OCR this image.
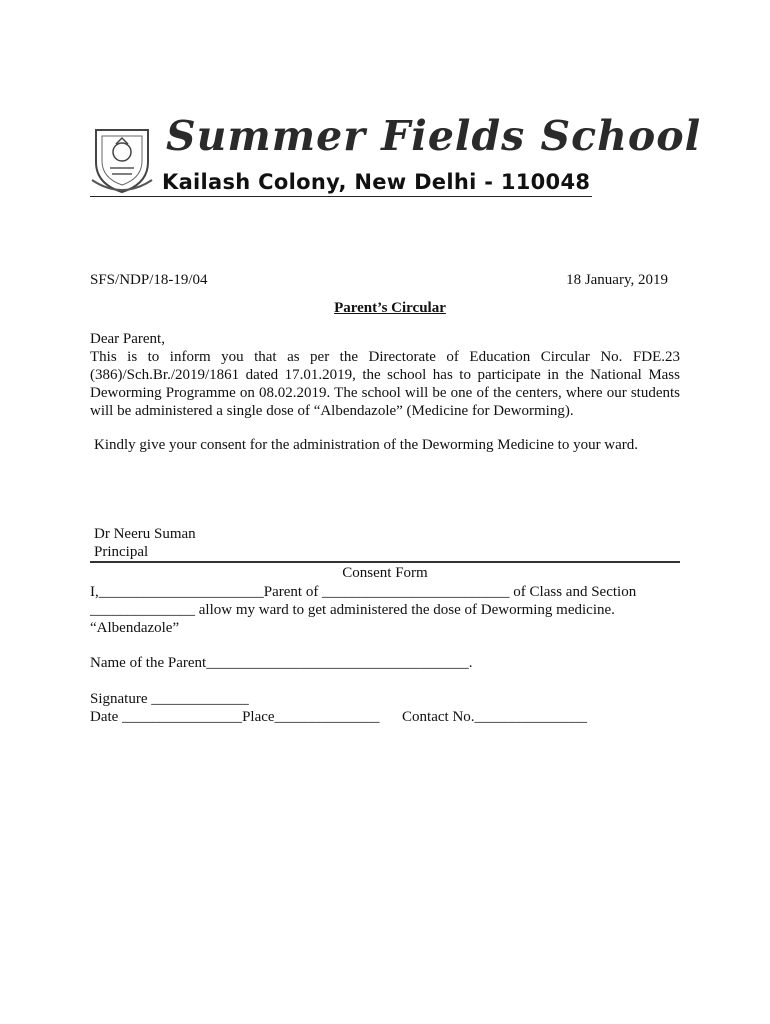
Summer Fields School
Kailash Colony, New Delhi - 110048
SFS/NDP/18-19/04	18 January, 2019
Parent’s Circular
Dear Parent,
This is to inform you that as per the Directorate of Education Circular No. FDE.23
(386)/Sch.Br./2019/1861 dated 17.01.2019, the school has to participate in the National Mass
Deworming Programme on 08.02.2019. The school will be one of the centers, where our students
will be administered a single dose of “Albendazole” (Medicine for Deworming).
Kindly give your consent for the administration of the Deworming Medicine to your ward.
Dr Neeru Suman
Principal
Consent Form
I,______________________Parent of _________________________ of Class and Section
______________ allow my ward to get administered the dose of Deworming medicine.
“Albendazole”
Name of the Parent___________________________________.
Signature _____________
Date ________________Place______________      Contact No._______________
